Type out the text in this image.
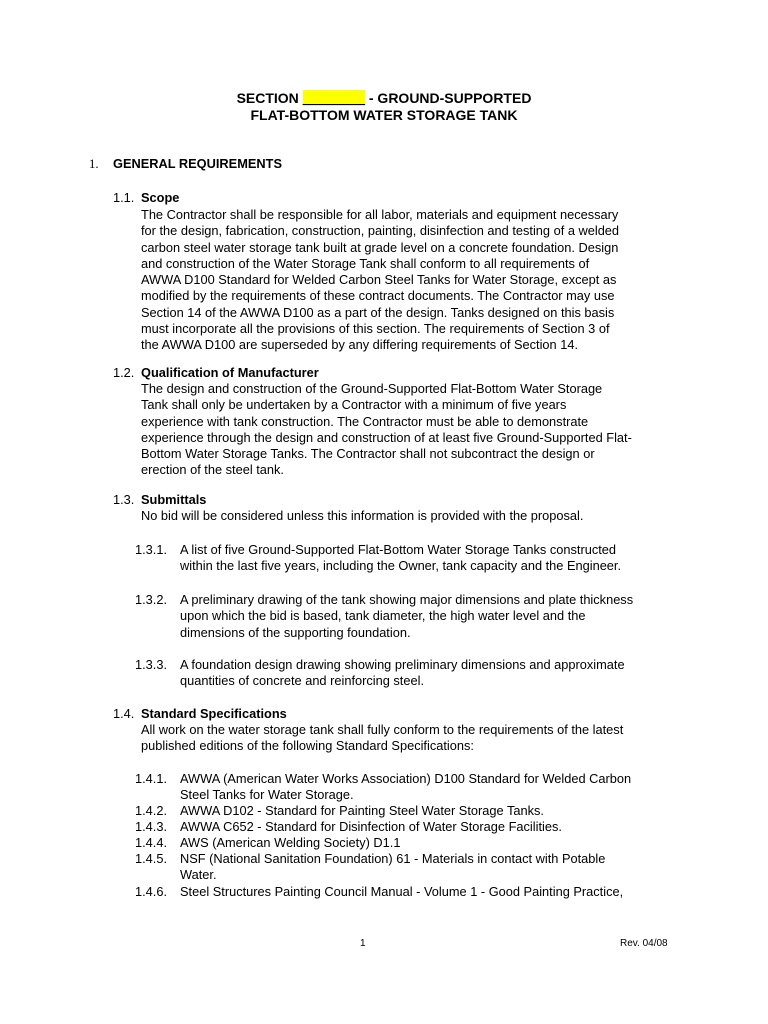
SECTION ________ - GROUND-SUPPORTED
FLAT-BOTTOM WATER STORAGE TANK
1. GENERAL REQUIREMENTS
1.1. Scope
The Contractor shall be responsible for all labor, materials and equipment necessary
for the design, fabrication, construction, painting, disinfection and testing of a welded
carbon steel water storage tank built at grade level on a concrete foundation. Design
and construction of the Water Storage Tank shall conform to all requirements of
AWWA D100 Standard for Welded Carbon Steel Tanks for Water Storage, except as
modified by the requirements of these contract documents. The Contractor may use
Section 14 of the AWWA D100 as a part of the design. Tanks designed on this basis
must incorporate all the provisions of this section. The requirements of Section 3 of
the AWWA D100 are superseded by any differing requirements of Section 14.
1.2. Qualification of Manufacturer
The design and construction of the Ground-Supported Flat-Bottom Water Storage
Tank shall only be undertaken by a Contractor with a minimum of five years
experience with tank construction. The Contractor must be able to demonstrate
experience through the design and construction of at least five Ground-Supported Flat-
Bottom Water Storage Tanks. The Contractor shall not subcontract the design or
erection of the steel tank.
1.3. Submittals
No bid will be considered unless this information is provided with the proposal.
1.3.1. A list of five Ground-Supported Flat-Bottom Water Storage Tanks constructed
within the last five years, including the Owner, tank capacity and the Engineer.
1.3.2. A preliminary drawing of the tank showing major dimensions and plate thickness
upon which the bid is based, tank diameter, the high water level and the
dimensions of the supporting foundation.
1.3.3. A foundation design drawing showing preliminary dimensions and approximate
quantities of concrete and reinforcing steel.
1.4. Standard Specifications
All work on the water storage tank shall fully conform to the requirements of the latest
published editions of the following Standard Specifications:
1.4.1. AWWA (American Water Works Association) D100 Standard for Welded Carbon
Steel Tanks for Water Storage.
1.4.2. AWWA D102 - Standard for Painting Steel Water Storage Tanks.
1.4.3. AWWA C652 - Standard for Disinfection of Water Storage Facilities.
1.4.4. AWS (American Welding Society) D1.1
1.4.5. NSF (National Sanitation Foundation) 61 - Materials in contact with Potable
Water.
1.4.6. Steel Structures Painting Council Manual - Volume 1 - Good Painting Practice,
1	Rev. 04/08
